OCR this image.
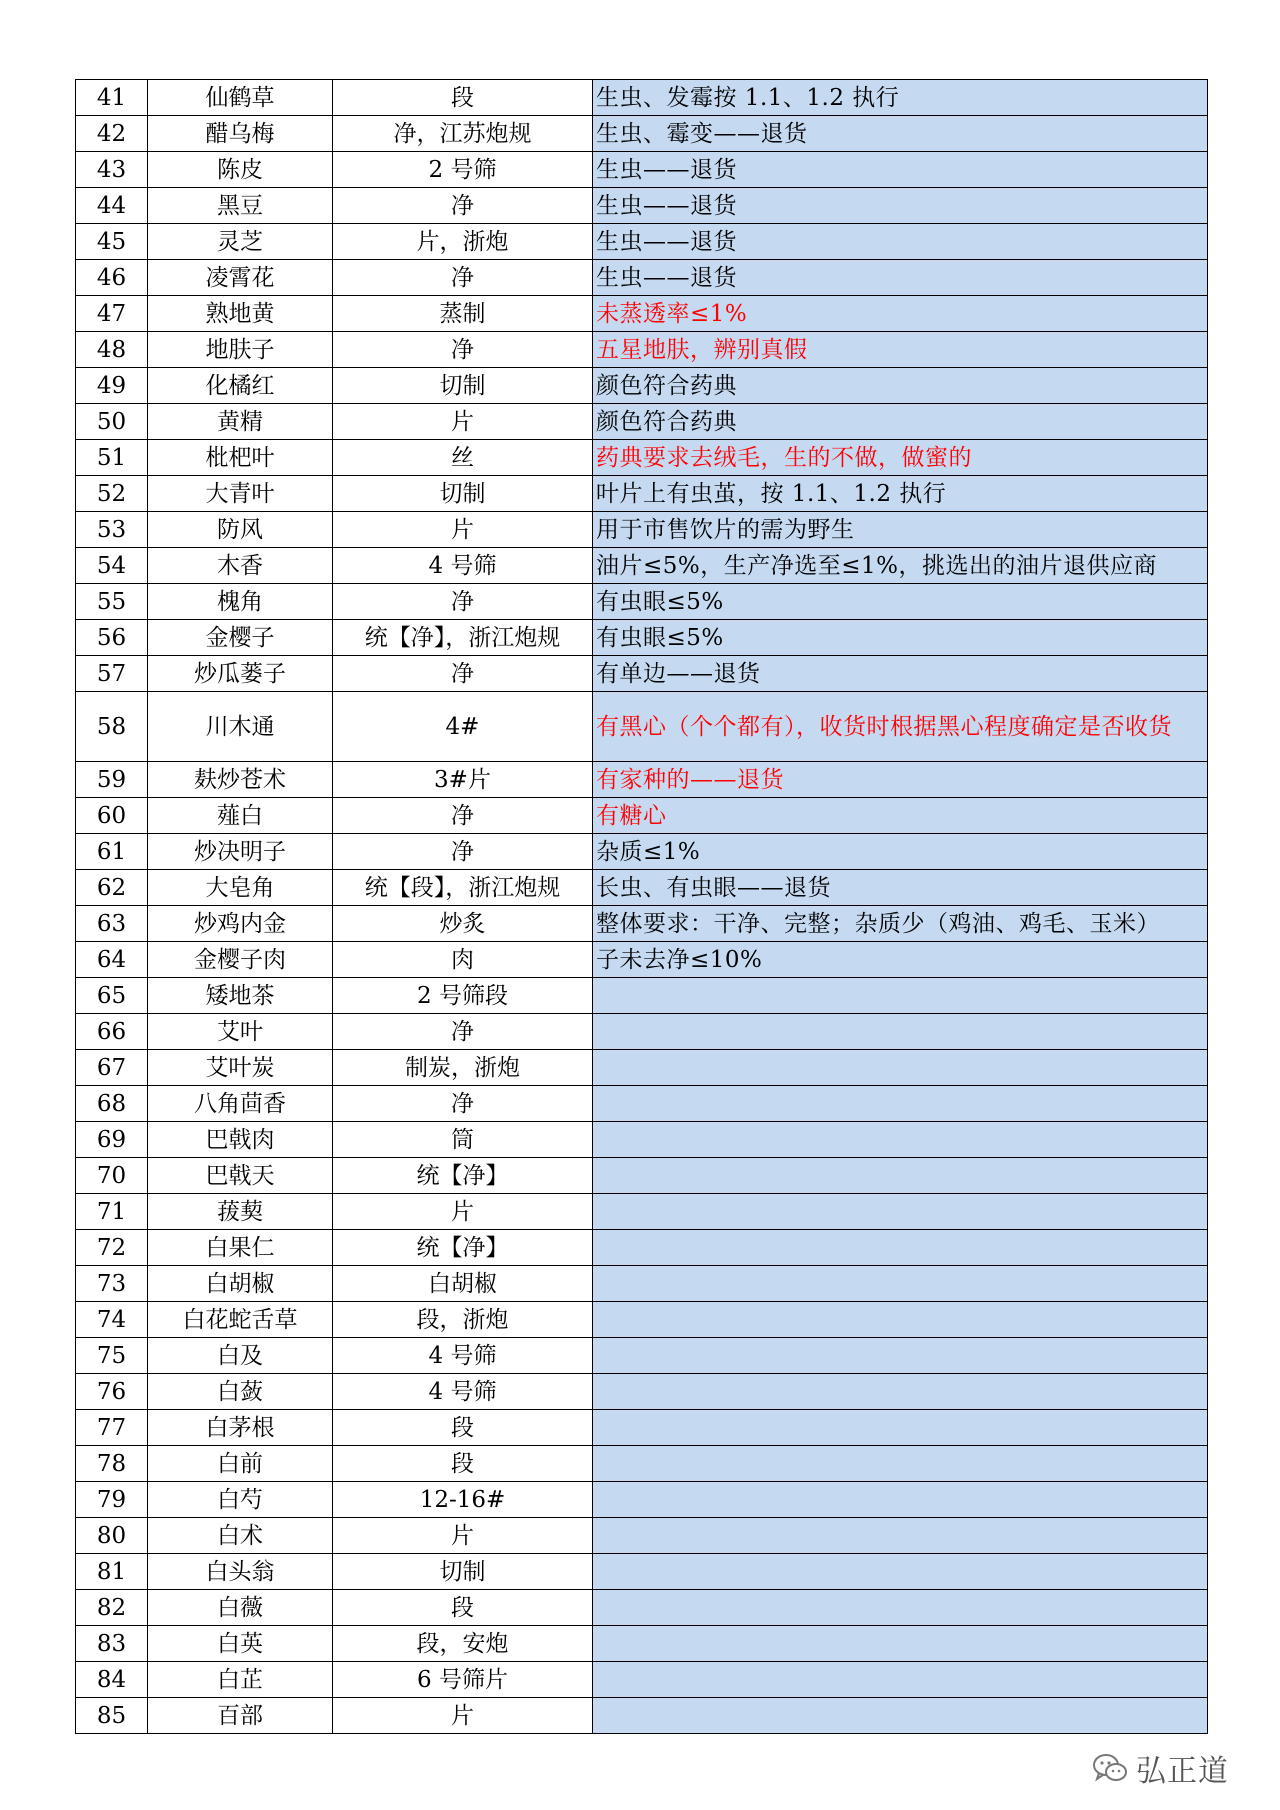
41	仙鹤草	段	生虫、发霉按 1.1、1.2 执行
42	醋乌梅	净，江苏炮规	生虫、霉变——退货
43	陈皮	2 号筛	生虫——退货
44	黑豆	净	生虫——退货
45	灵芝	片，浙炮	生虫——退货
46	凌霄花	净	生虫——退货
47	熟地黄	蒸制	未蒸透率≤1%
48	地肤子	净	五星地肤，辨别真假
49	化橘红	切制	颜色符合药典
50	黄精	片	颜色符合药典
51	枇杷叶	丝	药典要求去绒毛，生的不做，做蜜的
52	大青叶	切制	叶片上有虫茧，按 1.1、1.2 执行
53	防风	片	用于市售饮片的需为野生
54	木香	4 号筛	油片≤5%，生产净选至≤1%，挑选出的油片退供应商
55	槐角	净	有虫眼≤5%
56	金樱子	统【净】，浙江炮规	有虫眼≤5%
57	炒瓜蒌子	净	有单边——退货
58	川木通	4#	有黑心（个个都有），收货时根据黑心程度确定是否收货
59	麸炒苍术	3#片	有家种的——退货
60	薤白	净	有糖心
61	炒决明子	净	杂质≤1%
62	大皂角	统【段】，浙江炮规	长虫、有虫眼——退货
63	炒鸡内金	炒炙	整体要求：干净、完整；杂质少（鸡油、鸡毛、玉米）
64	金樱子肉	肉	子未去净≤10%
65	矮地茶	2 号筛段	
66	艾叶	净	
67	艾叶炭	制炭，浙炮	
68	八角茴香	净	
69	巴戟肉	筒	
70	巴戟天	统【净】	
71	菝葜	片	
72	白果仁	统【净】	
73	白胡椒	白胡椒	
74	白花蛇舌草	段，浙炮	
75	白及	4 号筛	
76	白蔹	4 号筛	
77	白茅根	段	
78	白前	段	
79	白芍	12-16#	
80	白术	片	
81	白头翁	切制	
82	白薇	段	
83	白英	段，安炮	
84	白芷	6 号筛片	
85	百部	片	
弘正道
